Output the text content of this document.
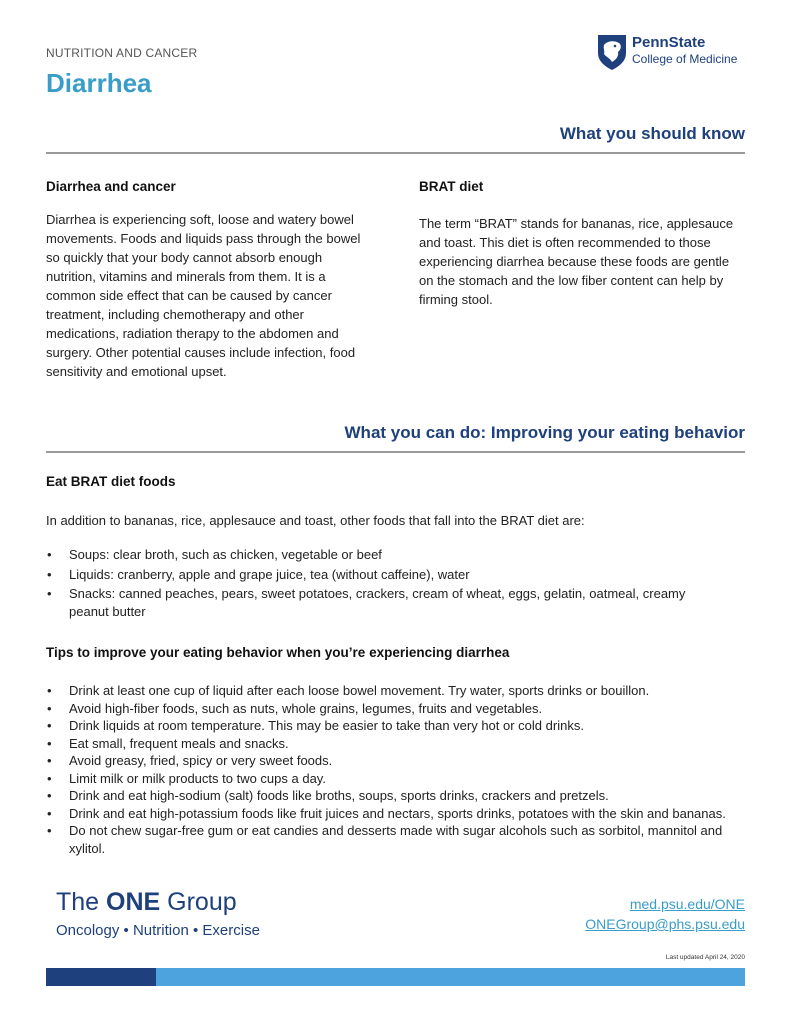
NUTRITION AND CANCER
Diarrhea
PennState
College of Medicine
What you should know
Diarrhea and cancer
Diarrhea is experiencing soft, loose and watery bowel movements. Foods and liquids pass through the bowel so quickly that your body cannot absorb enough nutrition, vitamins and minerals from them. It is a common side effect that can be caused by cancer treatment, including chemotherapy and other medications, radiation therapy to the abdomen and surgery. Other potential causes include infection, food sensitivity and emotional upset.
BRAT diet
The term “BRAT” stands for bananas, rice, applesauce and toast. This diet is often recommended to those experiencing diarrhea because these foods are gentle on the stomach and the low fiber content can help by firming stool.
What you can do: Improving your eating behavior
Eat BRAT diet foods
In addition to bananas, rice, applesauce and toast, other foods that fall into the BRAT diet are:
• Soups: clear broth, such as chicken, vegetable or beef
• Liquids: cranberry, apple and grape juice, tea (without caffeine), water
• Snacks: canned peaches, pears, sweet potatoes, crackers, cream of wheat, eggs, gelatin, oatmeal, creamy peanut butter
Tips to improve your eating behavior when you’re experiencing diarrhea
• Drink at least one cup of liquid after each loose bowel movement. Try water, sports drinks or bouillon.
• Avoid high-fiber foods, such as nuts, whole grains, legumes, fruits and vegetables.
• Drink liquids at room temperature. This may be easier to take than very hot or cold drinks.
• Eat small, frequent meals and snacks.
• Avoid greasy, fried, spicy or very sweet foods.
• Limit milk or milk products to two cups a day.
• Drink and eat high-sodium (salt) foods like broths, soups, sports drinks, crackers and pretzels.
• Drink and eat high-potassium foods like fruit juices and nectars, sports drinks, potatoes with the skin and bananas.
• Do not chew sugar-free gum or eat candies and desserts made with sugar alcohols such as sorbitol, mannitol and xylitol.
The ONE Group
Oncology • Nutrition • Exercise
med.psu.edu/ONE
ONEGroup@phs.psu.edu
Last updated April 24, 2020
